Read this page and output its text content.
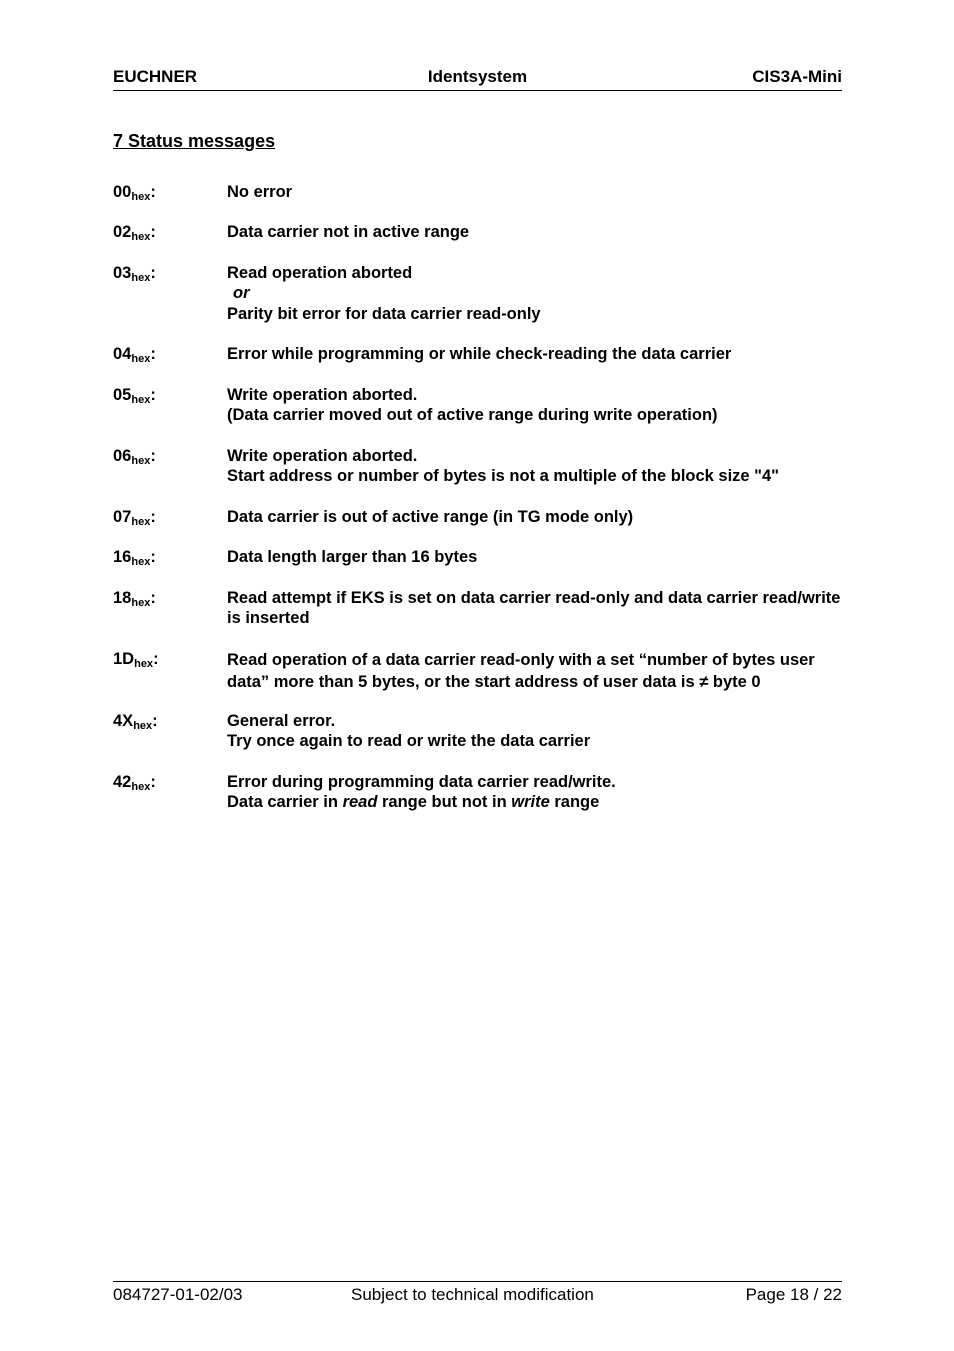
EUCHNER	Identsystem	CIS3A-Mini
7 Status messages
$00_{hex}$:	No error
$02_{hex}$:	Data carrier not in active range
$03_{hex}$:	Read operation aborted
or
Parity bit error for data carrier read-only
$04_{hex}$:	Error while programming or while check-reading the data carrier
$05_{hex}$:	Write operation aborted.
(Data carrier moved out of active range during write operation)
$06_{hex}$:	Write operation aborted.
Start address or number of bytes is not a multiple of the block size "4"
$07_{hex}$:	Data carrier is out of active range (in TG mode only)
$16_{hex}$:	Data length larger than 16 bytes
$18_{hex}$:	Read attempt if EKS is set on data carrier read-only and data carrier read/write
is inserted
$1D_{hex}$:	Read operation of a data carrier read-only with a set “number of bytes user
data” more than 5 bytes, or the start address of user data is ≠ byte 0
$4X_{hex}$:	General error.
Try once again to read or write the data carrier
$42_{hex}$:	Error during programming data carrier read/write.
Data carrier in read range but not in write range
084727-01-02/03	Subject to technical modification	Page 18 / 22
